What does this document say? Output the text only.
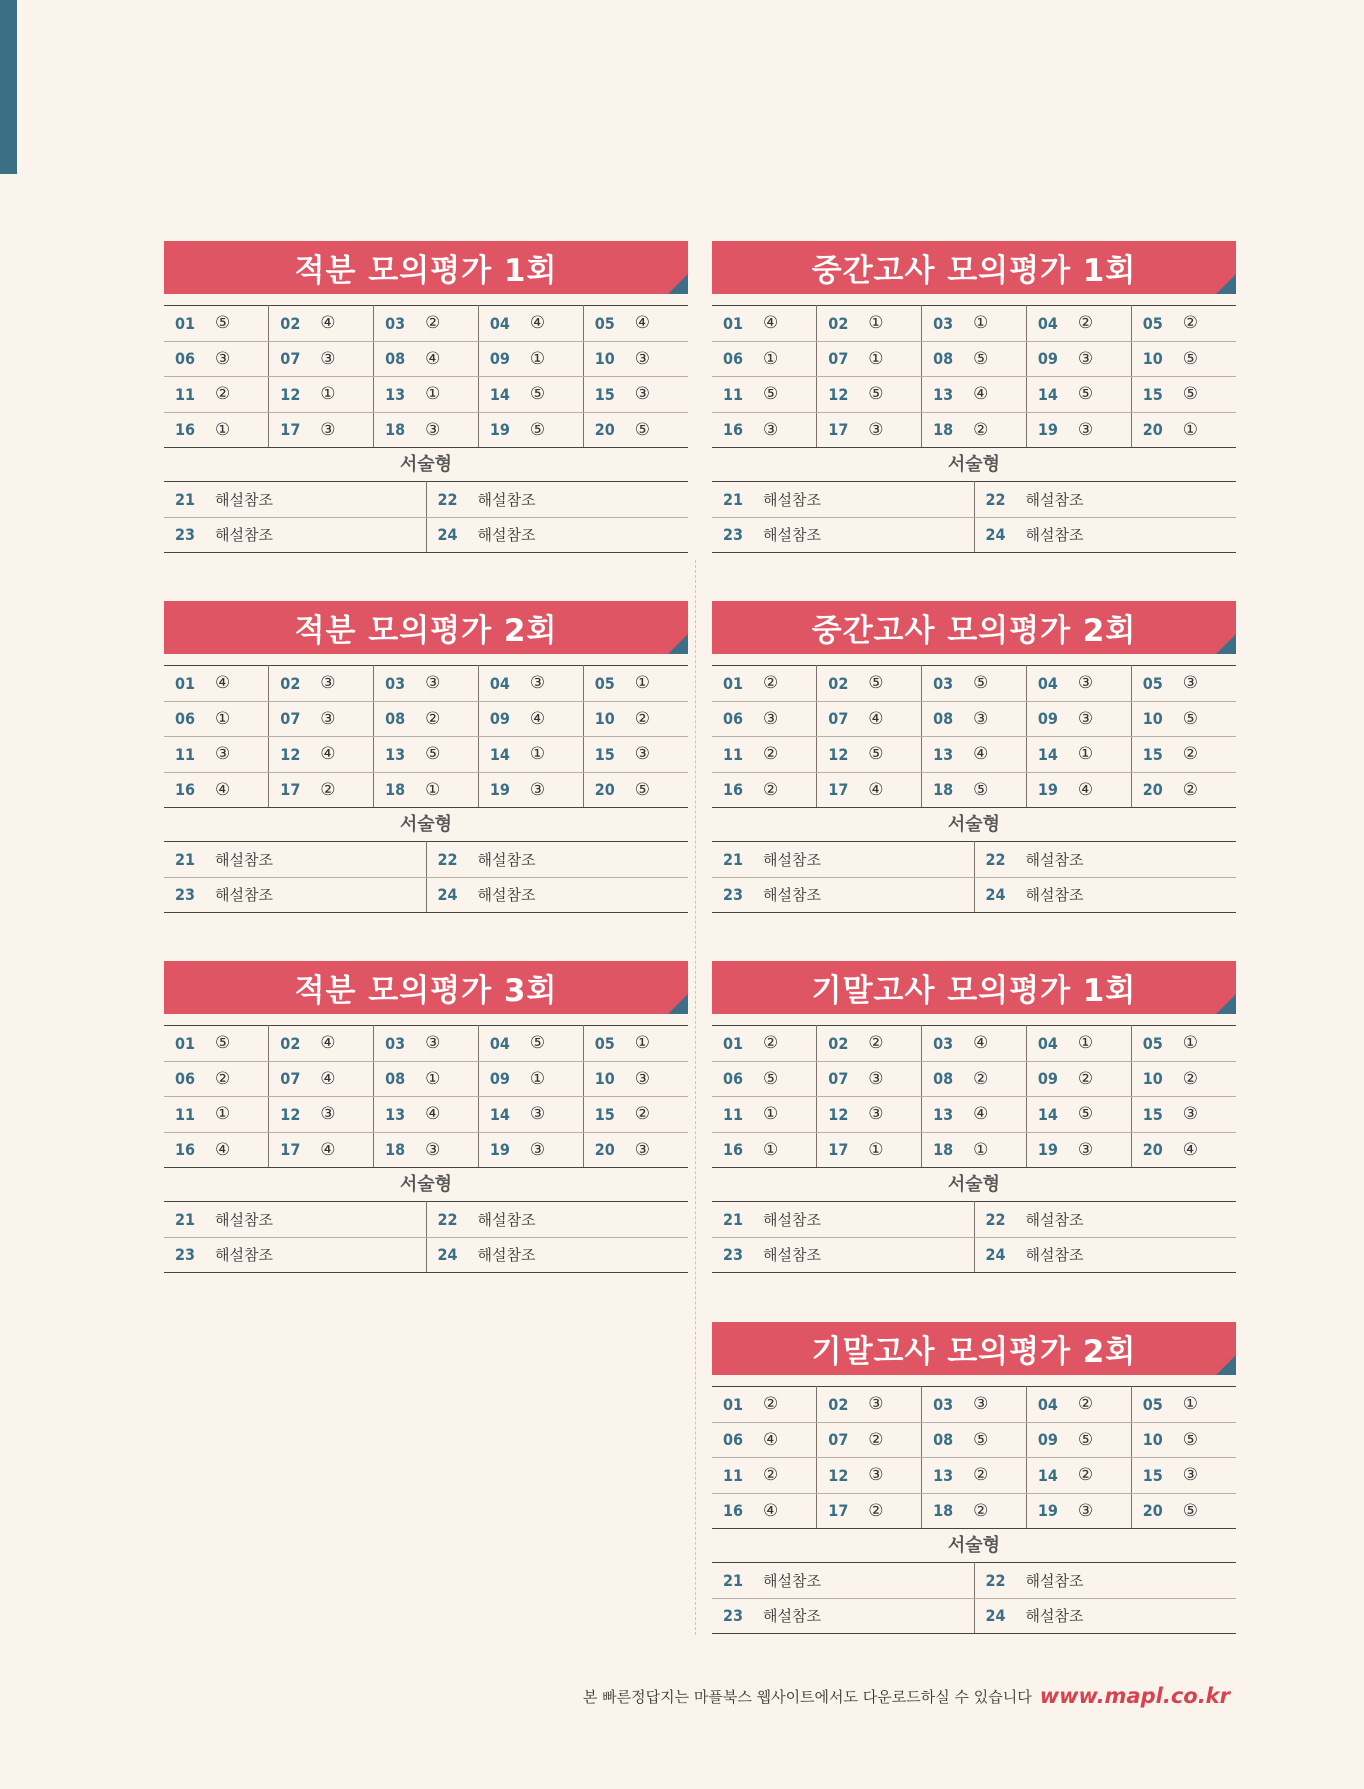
적분 모의평가 1회
01 ⑤	02 ④	03 ②	04 ④	05 ④

06 ③	07 ③	08 ④	09 ①	10 ③

11 ②	12 ①	13 ①	14 ⑤	15 ③

16 ①	17 ③	18 ③	19 ⑤	20 ⑤
서술형
21 해설참조	22 해설참조

23 해설참조	24 해설참조
적분 모의평가 2회
01 ④	02 ③	03 ③	04 ③	05 ①

06 ①	07 ③	08 ②	09 ④	10 ②

11 ③	12 ④	13 ⑤	14 ①	15 ③

16 ④	17 ②	18 ①	19 ③	20 ⑤
서술형
21 해설참조	22 해설참조

23 해설참조	24 해설참조
적분 모의평가 3회
01 ⑤	02 ④	03 ③	04 ⑤	05 ①

06 ②	07 ④	08 ①	09 ①	10 ③

11 ①	12 ③	13 ④	14 ③	15 ②

16 ④	17 ④	18 ③	19 ③	20 ③
서술형
21 해설참조	22 해설참조

23 해설참조	24 해설참조
중간고사 모의평가 1회
01 ④	02 ①	03 ①	04 ②	05 ②

06 ①	07 ①	08 ⑤	09 ③	10 ⑤

11 ⑤	12 ⑤	13 ④	14 ⑤	15 ⑤

16 ③	17 ③	18 ②	19 ③	20 ①
서술형
21 해설참조	22 해설참조

23 해설참조	24 해설참조
중간고사 모의평가 2회
01 ②	02 ⑤	03 ⑤	04 ③	05 ③

06 ③	07 ④	08 ③	09 ③	10 ⑤

11 ②	12 ⑤	13 ④	14 ①	15 ②

16 ②	17 ④	18 ⑤	19 ④	20 ②
서술형
21 해설참조	22 해설참조

23 해설참조	24 해설참조
기말고사 모의평가 1회
01 ②	02 ②	03 ④	04 ①	05 ①

06 ⑤	07 ③	08 ②	09 ②	10 ②

11 ①	12 ③	13 ④	14 ⑤	15 ③

16 ①	17 ①	18 ①	19 ③	20 ④
서술형
21 해설참조	22 해설참조

23 해설참조	24 해설참조
기말고사 모의평가 2회
01 ②	02 ③	03 ③	04 ②	05 ①

06 ④	07 ②	08 ⑤	09 ⑤	10 ⑤

11 ②	12 ③	13 ②	14 ②	15 ③

16 ④	17 ②	18 ②	19 ③	20 ⑤
서술형
21 해설참조	22 해설참조

23 해설참조	24 해설참조
본 빠른정답지는 마플북스 웹사이트에서도 다운로드하실 수 있습니다 www.mapl.co.kr
